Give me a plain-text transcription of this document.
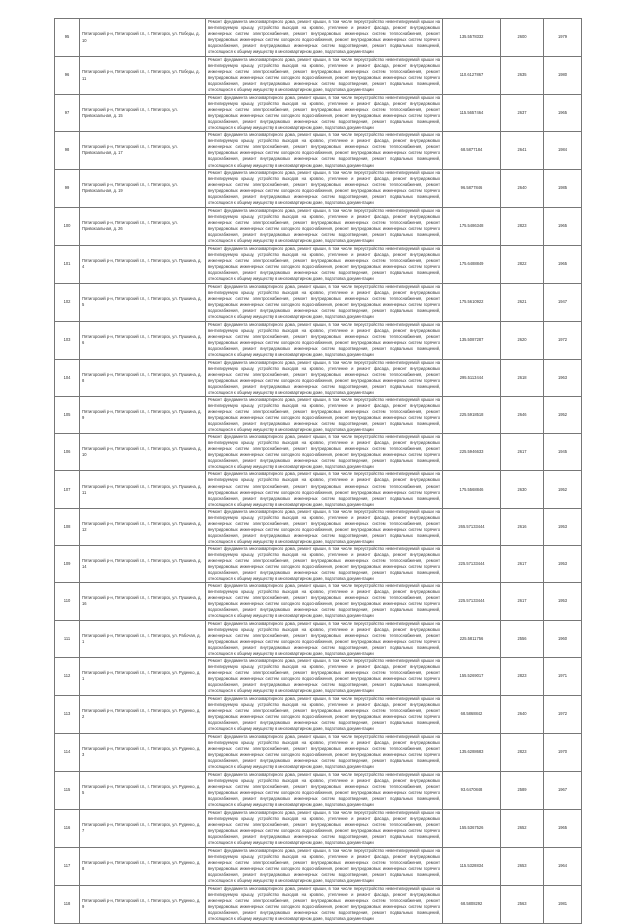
95	Пятигорский р-н, Пятигорский г.п., г. Пятигорск, ул. Победы, д. 10	Ремонт фундамента многоквартирного дома, ремонт крыши, в том числе переустройство невентилируемой крыши на вентилируемую крышу, устройство выходов на кровлю, утепление и ремонт фасада, ремонт внутридомовых инженерных систем электроснабжения, ремонт внутридомовых инженерных систем теплоснабжения, ремонт внутридомовых инженерных систем холодного водоснабжения, ремонт внутридомовых инженерных систем горячего водоснабжения, ремонт внутридомовых инженерных систем водоотведения, ремонт подвальных помещений, относящихся к общему имуществу в многоквартирном доме, подготовка документации	135.5578332	2600	1979
96	Пятигорский р-н, Пятигорский г.п., г. Пятигорск, ул. Победы, д. 11	Ремонт фундамента многоквартирного дома, ремонт крыши, в том числе переустройство невентилируемой крыши на вентилируемую крышу, устройство выходов на кровлю, утепление и ремонт фасада, ремонт внутридомовых инженерных систем электроснабжения, ремонт внутридомовых инженерных систем теплоснабжения, ремонт внутридомовых инженерных систем холодного водоснабжения, ремонт внутридомовых инженерных систем горячего водоснабжения, ремонт внутридомовых инженерных систем водоотведения, ремонт подвальных помещений, относящихся к общему имуществу в многоквартирном доме, подготовка документации	110.6127867	2635	1980
97	Пятигорский р-н, Пятигорский г.п., г. Пятигорск, ул. Привокзальная, д. 15	Ремонт фундамента многоквартирного дома, ремонт крыши, в том числе переустройство невентилируемой крыши на вентилируемую крышу, устройство выходов на кровлю, утепление и ремонт фасада, ремонт внутридомовых инженерных систем электроснабжения, ремонт внутридомовых инженерных систем теплоснабжения, ремонт внутридомовых инженерных систем холодного водоснабжения, ремонт внутридомовых инженерных систем горячего водоснабжения, ремонт внутридомовых инженерных систем водоотведения, ремонт подвальных помещений, относящихся к общему имуществу в многоквартирном доме, подготовка документации	115.5657464	2637	1965
98	Пятигорский р-н, Пятигорский г.п., г. Пятигорск, ул. Привокзальная, д. 17	Ремонт фундамента многоквартирного дома, ремонт крыши, в том числе переустройство невентилируемой крыши на вентилируемую крышу, устройство выходов на кровлю, утепление и ремонт фасада, ремонт внутридомовых инженерных систем электроснабжения, ремонт внутридомовых инженерных систем теплоснабжения, ремонт внутридомовых инженерных систем холодного водоснабжения, ремонт внутридомовых инженерных систем горячего водоснабжения, ремонт внутридомовых инженерных систем водоотведения, ремонт подвальных помещений, относящихся к общему имуществу в многоквартирном доме, подготовка документации	68.5877184	2641	1984
99	Пятигорский р-н, Пятигорский г.п., г. Пятигорск, ул. Привокзальная, д. 19	Ремонт фундамента многоквартирного дома, ремонт крыши, в том числе переустройство невентилируемой крыши на вентилируемую крышу, устройство выходов на кровлю, утепление и ремонт фасада, ремонт внутридомовых инженерных систем электроснабжения, ремонт внутридомовых инженерных систем теплоснабжения, ремонт внутридомовых инженерных систем холодного водоснабжения, ремонт внутридомовых инженерных систем горячего водоснабжения, ремонт внутридомовых инженерных систем водоотведения, ремонт подвальных помещений, относящихся к общему имуществу в многоквартирном доме, подготовка документации	96.5877846	2640	1985
100	Пятигорский р-н, Пятигорский г.п., г. Пятигорск, ул. Привокзальная, д. 26	Ремонт фундамента многоквартирного дома, ремонт крыши, в том числе переустройство невентилируемой крыши на вентилируемую крышу, устройство выходов на кровлю, утепление и ремонт фасада, ремонт внутридомовых инженерных систем электроснабжения, ремонт внутридомовых инженерных систем теплоснабжения, ремонт внутридомовых инженерных систем холодного водоснабжения, ремонт внутридомовых инженерных систем горячего водоснабжения, ремонт внутридомовых инженерных систем водоотведения, ремонт подвальных помещений, относящихся к общему имуществу в многоквартирном доме, подготовка документации	175.5486348	2823	1965
101	Пятигорский р-н, Пятигорский г.п., г. Пятигорск, ул. Пушкина, д. 4	Ремонт фундамента многоквартирного дома, ремонт крыши, в том числе переустройство невентилируемой крыши на вентилируемую крышу, устройство выходов на кровлю, утепление и ремонт фасада, ремонт внутридомовых инженерных систем электроснабжения, ремонт внутридомовых инженерных систем теплоснабжения, ремонт внутридомовых инженерных систем холодного водоснабжения, ремонт внутридомовых инженерных систем горячего водоснабжения, ремонт внутридомовых инженерных систем водоотведения, ремонт подвальных помещений, относящихся к общему имуществу в многоквартирном доме, подготовка документации	175.6488849	2822	1965
102	Пятигорский р-н, Пятигорский г.п., г. Пятигорск, ул. Пушкина, д. 5	Ремонт фундамента многоквартирного дома, ремонт крыши, в том числе переустройство невентилируемой крыши на вентилируемую крышу, устройство выходов на кровлю, утепление и ремонт фасада, ремонт внутридомовых инженерных систем электроснабжения, ремонт внутридомовых инженерных систем теплоснабжения, ремонт внутридомовых инженерных систем холодного водоснабжения, ремонт внутридомовых инженерных систем горячего водоснабжения, ремонт внутридомовых инженерных систем водоотведения, ремонт подвальных помещений, относящихся к общему имуществу в многоквартирном доме, подготовка документации	175.5610922	2621	1947
103	Пятигорский р-н, Пятигорский г.п., г. Пятигорск, ул. Пушкина, д. 6	Ремонт фундамента многоквартирного дома, ремонт крыши, в том числе переустройство невентилируемой крыши на вентилируемую крышу, устройство выходов на кровлю, утепление и ремонт фасада, ремонт внутридомовых инженерных систем электроснабжения, ремонт внутридомовых инженерных систем теплоснабжения, ремонт внутридомовых инженерных систем холодного водоснабжения, ремонт внутридомовых инженерных систем горячего водоснабжения, ремонт внутридомовых инженерных систем водоотведения, ремонт подвальных помещений, относящихся к общему имуществу в многоквартирном доме, подготовка документации	135.5087287	2620	1972
104	Пятигорский р-н, Пятигорский г.п., г. Пятигорск, ул. Пушкина, д. 8	Ремонт фундамента многоквартирного дома, ремонт крыши, в том числе переустройство невентилируемой крыши на вентилируемую крышу, устройство выходов на кровлю, утепление и ремонт фасада, ремонт внутридомовых инженерных систем электроснабжения, ремонт внутридомовых инженерных систем теплоснабжения, ремонт внутридомовых инженерных систем холодного водоснабжения, ремонт внутридомовых инженерных систем горячего водоснабжения, ремонт внутридомовых инженерных систем водоотведения, ремонт подвальных помещений, относящихся к общему имуществу в многоквартирном доме, подготовка документации	295.5113444	2618	1963
105	Пятигорский р-н, Пятигорский г.п., г. Пятигорск, ул. Пушкина, д. 9	Ремонт фундамента многоквартирного дома, ремонт крыши, в том числе переустройство невентилируемой крыши на вентилируемую крышу, устройство выходов на кровлю, утепление и ремонт фасада, ремонт внутридомовых инженерных систем электроснабжения, ремонт внутридомовых инженерных систем теплоснабжения, ремонт внутридомовых инженерных систем холодного водоснабжения, ремонт внутридомовых инженерных систем горячего водоснабжения, ремонт внутридомовых инженерных систем водоотведения, ремонт подвальных помещений, относящихся к общему имуществу в многоквартирном доме, подготовка документации	225.5918518	2646	1952
106	Пятигорский р-н, Пятигорский г.п., г. Пятигорск, ул. Пушкина, д. 10	Ремонт фундамента многоквартирного дома, ремонт крыши, в том числе переустройство невентилируемой крыши на вентилируемую крышу, устройство выходов на кровлю, утепление и ремонт фасада, ремонт внутридомовых инженерных систем электроснабжения, ремонт внутридомовых инженерных систем теплоснабжения, ремонт внутридомовых инженерных систем холодного водоснабжения, ремонт внутридомовых инженерных систем горячего водоснабжения, ремонт внутридомовых инженерных систем водоотведения, ремонт подвальных помещений, относящихся к общему имуществу в многоквартирном доме, подготовка документации	225.5946633	2617	1945
107	Пятигорский р-н, Пятигорский г.п., г. Пятигорск, ул. Пушкина, д. 11	Ремонт фундамента многоквартирного дома, ремонт крыши, в том числе переустройство невентилируемой крыши на вентилируемую крышу, устройство выходов на кровлю, утепление и ремонт фасада, ремонт внутридомовых инженерных систем электроснабжения, ремонт внутридомовых инженерных систем теплоснабжения, ремонт внутридомовых инженерных систем холодного водоснабжения, ремонт внутридомовых инженерных систем горячего водоснабжения, ремонт внутридомовых инженерных систем водоотведения, ремонт подвальных помещений, относящихся к общему имуществу в многоквартирном доме, подготовка документации	175.5568846	2630	1952
108	Пятигорский р-н, Пятигорский г.п., г. Пятигорск, ул. Пушкина, д. 12	Ремонт фундамента многоквартирного дома, ремонт крыши, в том числе переустройство невентилируемой крыши на вентилируемую крышу, устройство выходов на кровлю, утепление и ремонт фасада, ремонт внутридомовых инженерных систем электроснабжения, ремонт внутридомовых инженерных систем теплоснабжения, ремонт внутридомовых инженерных систем холодного водоснабжения, ремонт внутридомовых инженерных систем горячего водоснабжения, ремонт внутридомовых инженерных систем водоотведения, ремонт подвальных помещений, относящихся к общему имуществу в многоквартирном доме, подготовка документации	265.57133444	2616	1953
109	Пятигорский р-н, Пятигорский г.п., г. Пятигорск, ул. Пушкина, д. 14	Ремонт фундамента многоквартирного дома, ремонт крыши, в том числе переустройство невентилируемой крыши на вентилируемую крышу, устройство выходов на кровлю, утепление и ремонт фасада, ремонт внутридомовых инженерных систем электроснабжения, ремонт внутридомовых инженерных систем теплоснабжения, ремонт внутридомовых инженерных систем холодного водоснабжения, ремонт внутридомовых инженерных систем горячего водоснабжения, ремонт внутридомовых инженерных систем водоотведения, ремонт подвальных помещений, относящихся к общему имуществу в многоквартирном доме, подготовка документации	225.57133444	2617	1953
110	Пятигорский р-н, Пятигорский г.п., г. Пятигорск, ул. Пушкина, д. 16	Ремонт фундамента многоквартирного дома, ремонт крыши, в том числе переустройство невентилируемой крыши на вентилируемую крышу, устройство выходов на кровлю, утепление и ремонт фасада, ремонт внутридомовых инженерных систем электроснабжения, ремонт внутридомовых инженерных систем теплоснабжения, ремонт внутридомовых инженерных систем холодного водоснабжения, ремонт внутридомовых инженерных систем горячего водоснабжения, ремонт внутридомовых инженерных систем водоотведения, ремонт подвальных помещений, относящихся к общему имуществу в многоквартирном доме, подготовка документации	225.57133444	2617	1953
111	Пятигорский р-н, Пятигорский г.п., г. Пятигорск, ул. Рабочая, д. 1	Ремонт фундамента многоквартирного дома, ремонт крыши, в том числе переустройство невентилируемой крыши на вентилируемую крышу, устройство выходов на кровлю, утепление и ремонт фасада, ремонт внутридомовых инженерных систем электроснабжения, ремонт внутридомовых инженерных систем теплоснабжения, ремонт внутридомовых инженерных систем холодного водоснабжения, ремонт внутридомовых инженерных систем горячего водоснабжения, ремонт внутридомовых инженерных систем водоотведения, ремонт подвальных помещений, относящихся к общему имуществу в многоквартирном доме, подготовка документации	225.5811756	2556	1960
112	Пятигорский р-н, Пятигорский г.п., г. Пятигорск, ул. Руденко, д. 1	Ремонт фундамента многоквартирного дома, ремонт крыши, в том числе переустройство невентилируемой крыши на вентилируемую крышу, устройство выходов на кровлю, утепление и ремонт фасада, ремонт внутридомовых инженерных систем электроснабжения, ремонт внутридомовых инженерных систем теплоснабжения, ремонт внутридомовых инженерных систем холодного водоснабжения, ремонт внутридомовых инженерных систем горячего водоснабжения, ремонт внутридомовых инженерных систем водоотведения, ремонт подвальных помещений, относящихся к общему имуществу в многоквартирном доме, подготовка документации	155.5269017	2823	1971
113	Пятигорский р-н, Пятигорский г.п., г. Пятигорск, ул. Руденко, д. 2	Ремонт фундамента многоквартирного дома, ремонт крыши, в том числе переустройство невентилируемой крыши на вентилируемую крышу, устройство выходов на кровлю, утепление и ремонт фасада, ремонт внутридомовых инженерных систем электроснабжения, ремонт внутридомовых инженерных систем теплоснабжения, ремонт внутридомовых инженерных систем холодного водоснабжения, ремонт внутридомовых инженерных систем горячего водоснабжения, ремонт внутридомовых инженерных систем водоотведения, ремонт подвальных помещений, относящихся к общему имуществу в многоквартирном доме, подготовка документации	68.5868842	2640	1972
114	Пятигорский р-н, Пятигорский г.п., г. Пятигорск, ул. Руденко, д. 3	Ремонт фундамента многоквартирного дома, ремонт крыши, в том числе переустройство невентилируемой крыши на вентилируемую крышу, устройство выходов на кровлю, утепление и ремонт фасада, ремонт внутридомовых инженерных систем электроснабжения, ремонт внутридомовых инженерных систем теплоснабжения, ремонт внутридомовых инженерных систем холодного водоснабжения, ремонт внутридомовых инженерных систем горячего водоснабжения, ремонт внутридомовых инженерных систем водоотведения, ремонт подвальных помещений, относящихся к общему имуществу в многоквартирном доме, подготовка документации	135.6288683	2823	1970
115	Пятигорский р-н, Пятигорский г.п., г. Пятигорск, ул. Руденко, д. 5	Ремонт фундамента многоквартирного дома, ремонт крыши, в том числе переустройство невентилируемой крыши на вентилируемую крышу, устройство выходов на кровлю, утепление и ремонт фасада, ремонт внутридомовых инженерных систем электроснабжения, ремонт внутридомовых инженерных систем теплоснабжения, ремонт внутридомовых инженерных систем холодного водоснабжения, ремонт внутридомовых инженерных систем горячего водоснабжения, ремонт внутридомовых инженерных систем водоотведения, ремонт подвальных помещений, относящихся к общему имуществу в многоквартирном доме, подготовка документации	93.6470848	2589	1967
116	Пятигорский р-н, Пятигорский г.п., г. Пятигорск, ул. Руденко, д. 7	Ремонт фундамента многоквартирного дома, ремонт крыши, в том числе переустройство невентилируемой крыши на вентилируемую крышу, устройство выходов на кровлю, утепление и ремонт фасада, ремонт внутридомовых инженерных систем электроснабжения, ремонт внутридомовых инженерных систем теплоснабжения, ремонт внутридомовых инженерных систем холодного водоснабжения, ремонт внутридомовых инженерных систем горячего водоснабжения, ремонт внутридомовых инженерных систем водоотведения, ремонт подвальных помещений, относящихся к общему имуществу в многоквартирном доме, подготовка документации	155.5367526	2652	1965
117	Пятигорский р-н, Пятигорский г.п., г. Пятигорск, ул. Руденко, д. 8	Ремонт фундамента многоквартирного дома, ремонт крыши, в том числе переустройство невентилируемой крыши на вентилируемую крышу, устройство выходов на кровлю, утепление и ремонт фасада, ремонт внутридомовых инженерных систем электроснабжения, ремонт внутридомовых инженерных систем теплоснабжения, ремонт внутридомовых инженерных систем холодного водоснабжения, ремонт внутридомовых инженерных систем горячего водоснабжения, ремонт внутридомовых инженерных систем водоотведения, ремонт подвальных помещений, относящихся к общему имуществу в многоквартирном доме, подготовка документации	115.5328834	2653	1964
118	Пятигорский р-н, Пятигорский г.п., г. Пятигорск, ул. Руденко, д. 9	Ремонт фундамента многоквартирного дома, ремонт крыши, в том числе переустройство невентилируемой крыши на вентилируемую крышу, устройство выходов на кровлю, утепление и ремонт фасада, ремонт внутридомовых инженерных систем электроснабжения, ремонт внутридомовых инженерных систем теплоснабжения, ремонт внутридомовых инженерных систем холодного водоснабжения, ремонт внутридомовых инженерных систем горячего водоснабжения, ремонт внутридомовых инженерных систем водоотведения, ремонт подвальных помещений, относящихся к общему имуществу в многоквартирном доме, подготовка документации	68.5808292	2563	1981
